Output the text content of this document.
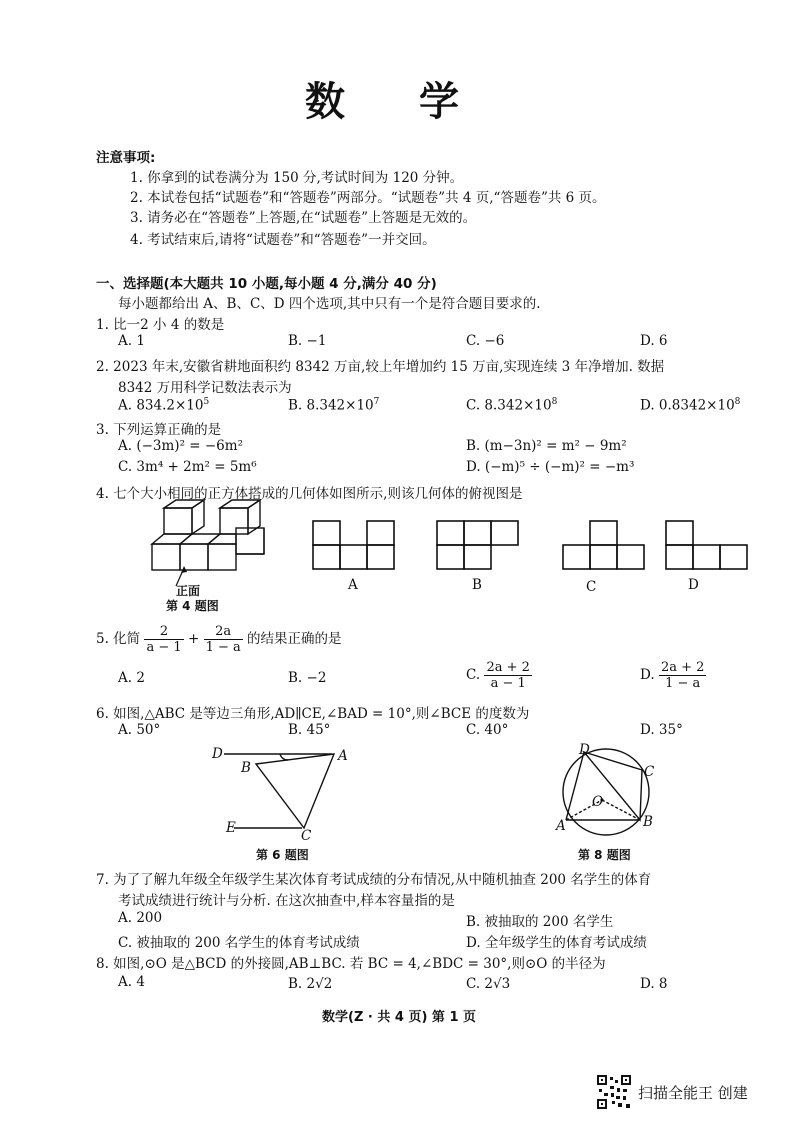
数 学
注意事项:
1. 你拿到的试卷满分为 150 分,考试时间为 120 分钟。
2. 本试卷包括“试题卷”和“答题卷”两部分。“试题卷”共 4 页,“答题卷”共 6 页。
3. 请务必在“答题卷”上答题,在“试题卷”上答题是无效的。
4. 考试结束后,请将“试题卷”和“答题卷”一并交回。
一、选择题(本大题共 10 小题,每小题 4 分,满分 40 分)
每小题都给出 A、B、C、D 四个选项,其中只有一个是符合题目要求的.
1. 比一2 小 4 的数是
A. 1	B. −1	C. −6	D. 6
2. 2023 年末,安徽省耕地面积约 8342 万亩,较上年增加约 15 万亩,实现连续 3 年净增加. 数据
8342 万用科学记数法表示为
A. $834.2\times 10^5$	B. $8.342\times 10^7$	C. $8.342\times 10^8$	D. $0.8342\times 10^8$
3. 下列运算正确的是
A. (−3m)² = −6m²	B. (m−3n)² = m² − 9m²
C. 3m⁴ + 2m² = 5m⁶	D. (−m)⁵ ÷ (−m)² = −m³
4. 七个大小相同的正方体搭成的几何体如图所示,则该几何体的俯视图是
正面
第 4 题图
A	B	C	D
5. 化简 $\frac{2}{a - 1} + \frac{2a}{1 - a}$ 的结果正确的是
A. 2	B. −2	C. $\frac{2a + 2}{a - 1}$	D. $\frac{2a + 2}{1 - a}$
6. 如图,△ABC 是等边三角形,AD∥CE,∠BAD = 10°,则∠BCE 的度数为
A. 50°	B. 45°	C. 40°	D. 35°
D
B
A
E	C
第 6 题图
D
C
O
A	B
第 8 题图
7. 为了了解九年级全年级学生某次体育考试成绩的分布情况,从中随机抽查 200 名学生的体育
考试成绩进行统计与分析. 在这次抽查中,样本容量指的是
A. 200	B. 被抽取的 200 名学生
C. 被抽取的 200 名学生的体育考试成绩	D. 全年级学生的体育考试成绩
8. 如图,⊙O 是△BCD 的外接圆,AB⊥BC. 若 BC = 4,∠BDC = 30°,则⊙O 的半径为
A. 4	B. 2√2	C. 2√3	D. 8
数学(Z · 共 4 页) 第 1 页
扫描全能王 创建
